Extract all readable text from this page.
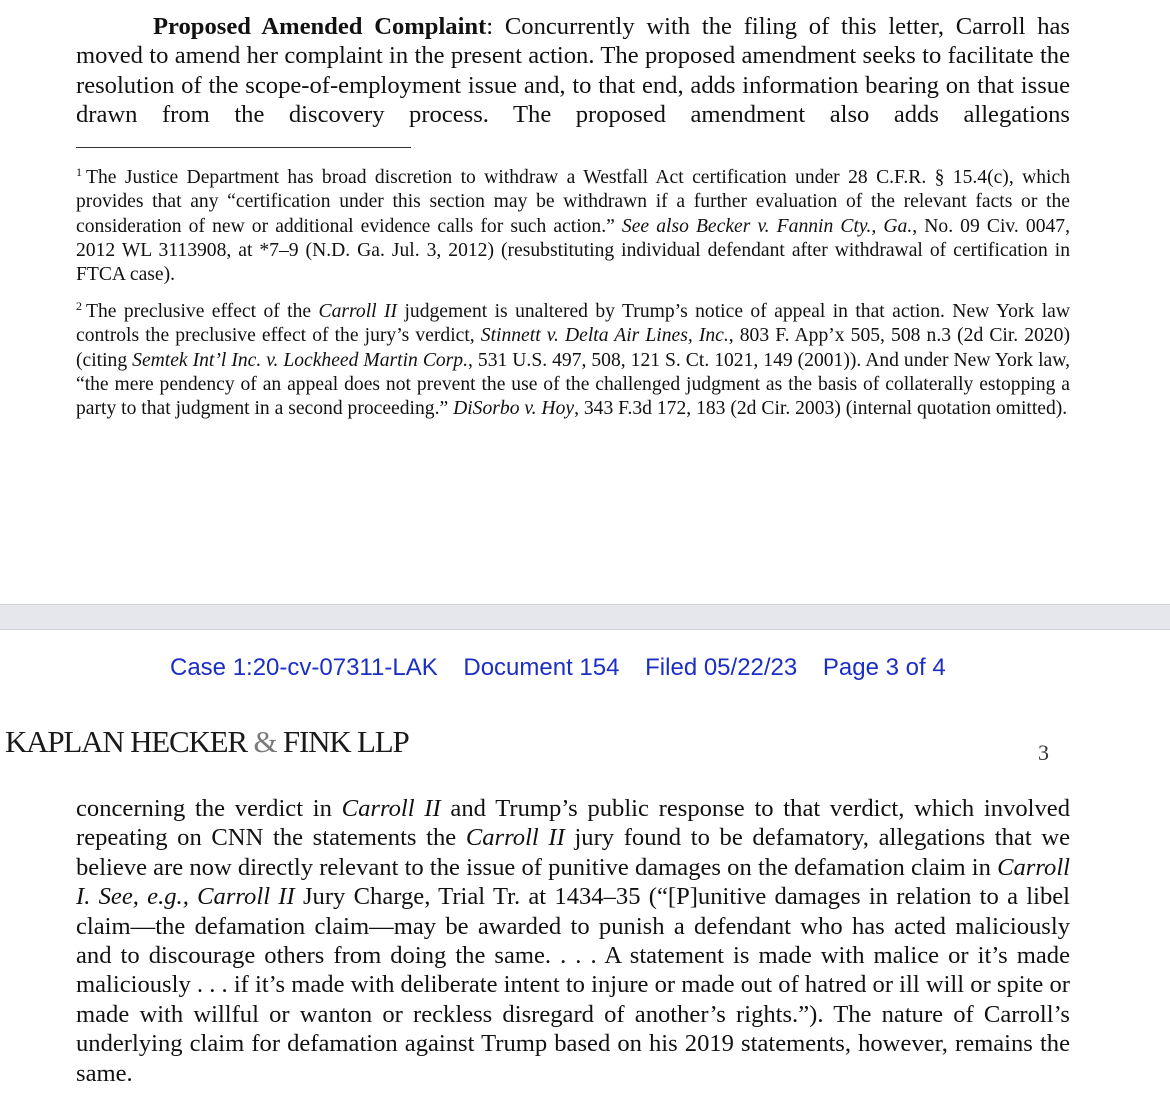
Proposed Amended Complaint: Concurrently with the filing of this letter, Carroll has moved to amend her complaint in the present action. The proposed amendment seeks to facilitate the resolution of the scope-of-employment issue and, to that end, adds information bearing on that issue drawn from the discovery process. The proposed amendment also adds allegations

$^1$ The Justice Department has broad discretion to withdraw a Westfall Act certification under 28 C.F.R. § 15.4(c), which provides that any “certification under this section may be withdrawn if a further evaluation of the relevant facts or the consideration of new or additional evidence calls for such action.” See also Becker v. Fannin Cty., Ga., No. 09 Civ. 0047, 2012 WL 3113908, at *7–9 (N.D. Ga. Jul. 3, 2012) (resubstituting individual defendant after withdrawal of certification in FTCA case).

$^2$ The preclusive effect of the Carroll II judgement is unaltered by Trump’s notice of appeal in that action. New York law controls the preclusive effect of the jury’s verdict, Stinnett v. Delta Air Lines, Inc., 803 F. App’x 505, 508 n.3 (2d Cir. 2020) (citing Semtek Int’l Inc. v. Lockheed Martin Corp., 531 U.S. 497, 508, 121 S. Ct. 1021, 149 (2001)). And under New York law, “the mere pendency of an appeal does not prevent the use of the challenged judgment as the basis of collaterally estopping a party to that judgment in a second proceeding.” DiSorbo v. Hoy, 343 F.3d 172, 183 (2d Cir. 2003) (internal quotation omitted).

Case 1:20-cv-07311-LAK Document 154 Filed 05/22/23 Page 3 of 4
KAPLAN HECKER & FINK LLP	3

concerning the verdict in Carroll II and Trump’s public response to that verdict, which involved repeating on CNN the statements the Carroll II jury found to be defamatory, allegations that we believe are now directly relevant to the issue of punitive damages on the defamation claim in Carroll I. See, e.g., Carroll II Jury Charge, Trial Tr. at 1434–35 (“[P]unitive damages in relation to a libel claim—the defamation claim—may be awarded to punish a defendant who has acted maliciously and to discourage others from doing the same. . . . A statement is made with malice or it’s made maliciously . . . if it’s made with deliberate intent to injure or made out of hatred or ill will or spite or made with willful or wanton or reckless disregard of another’s rights.”). The nature of Carroll’s underlying claim for defamation against Trump based on his 2019 statements, however, remains the same.
